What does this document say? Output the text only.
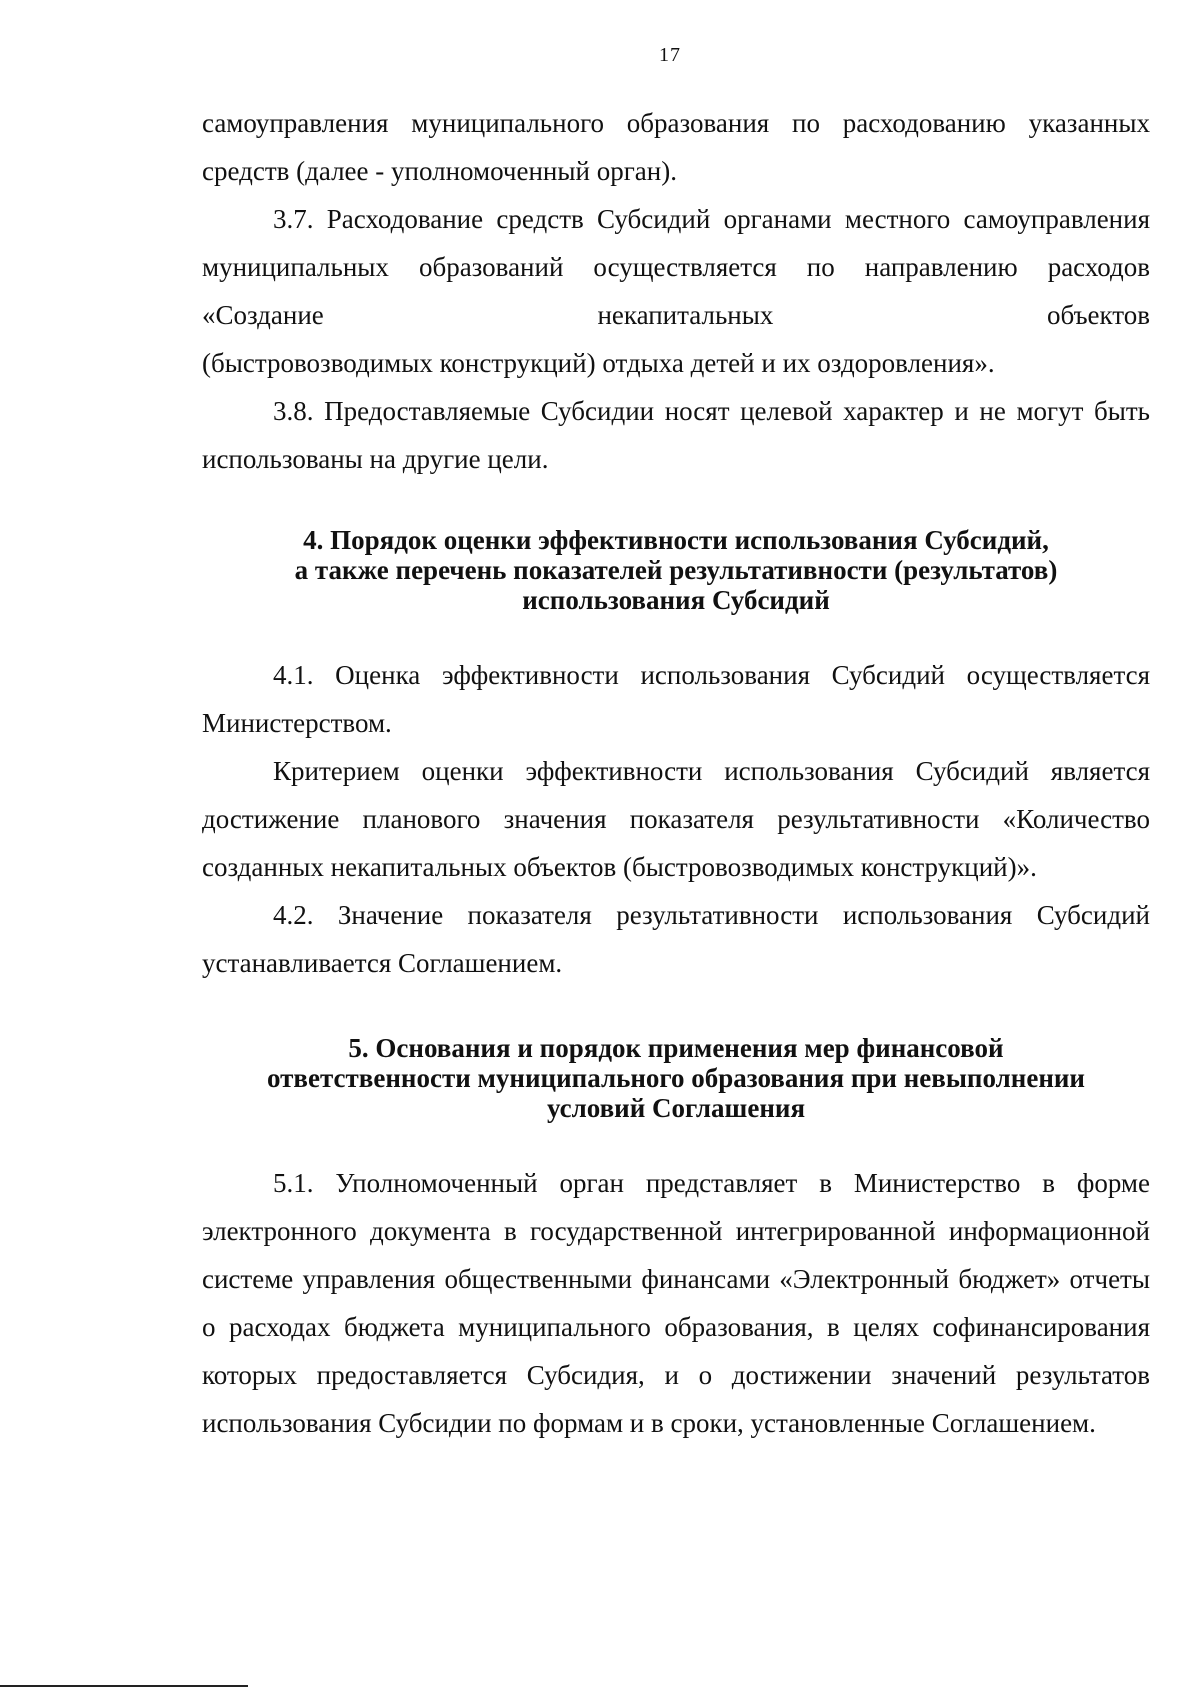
17

самоуправления муниципального образования по расходованию указанных

средств (далее - уполномоченный орган).

3.7. Расходование средств Субсидий органами местного самоуправления муниципальных образований осуществляется по направлению расходов «Создание некапитальных объектов

(быстровозводимых конструкций) отдыха детей и их оздоровления».

3.8. Предоставляемые Субсидии носят целевой характер и не могут быть использованы на другие цели.

4. Порядок оценки эффективности использования Субсидий,
а также перечень показателей результативности (результатов)
использования Субсидий

4.1. Оценка эффективности использования Субсидий осуществляется Министерством.

Критерием оценки эффективности использования Субсидий является достижение планового значения показателя результативности «Количество созданных некапитальных объектов (быстровозводимых конструкций)».

4.2. Значение показателя результативности использования Субсидий устанавливается Соглашением.

5. Основания и порядок применения мер финансовой
ответственности муниципального образования при невыполнении
условий Соглашения

5.1. Уполномоченный орган представляет в Министерство в форме электронного документа в государственной интегрированной информационной системе управления общественными финансами «Электронный бюджет» отчеты о расходах бюджета муниципального образования, в целях софинансирования которых предоставляется Субсидия, и о достижении значений результатов использования Субсидии по формам и в сроки, установленные Соглашением.
